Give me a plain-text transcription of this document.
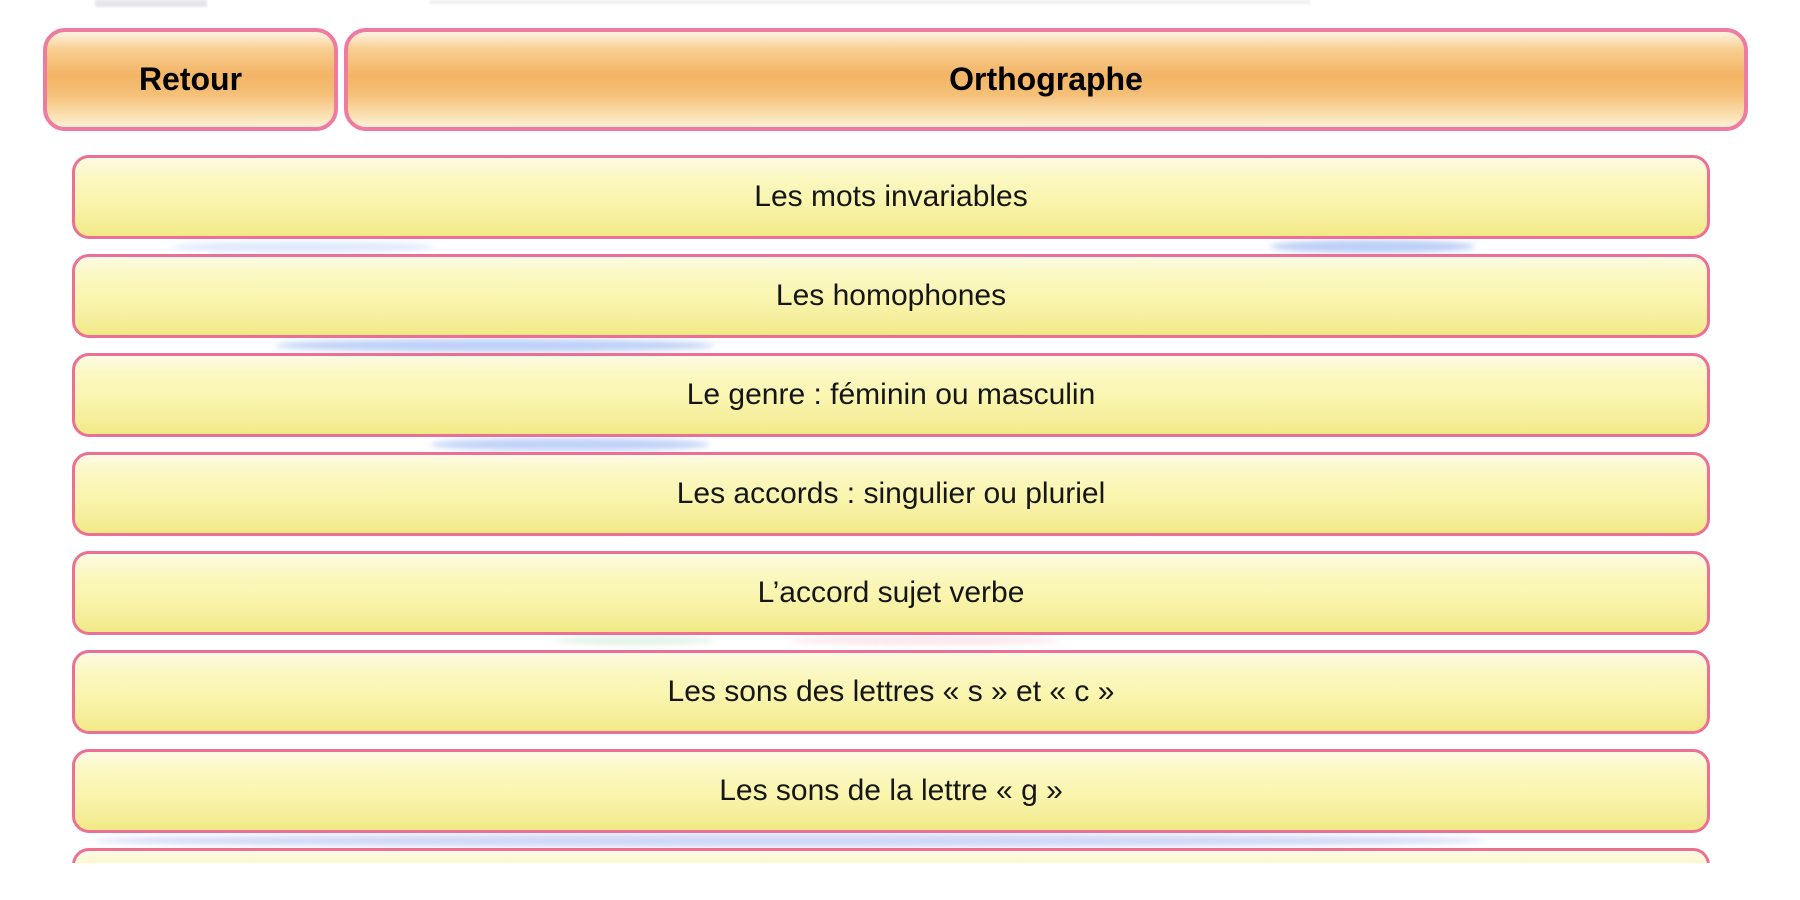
Retour	Orthographe
Les mots invariables
Les homophones
Le genre : féminin ou masculin
Les accords : singulier ou pluriel
L’accord sujet verbe
Les sons des lettres « s » et « c »
Les sons de la lettre « g »
